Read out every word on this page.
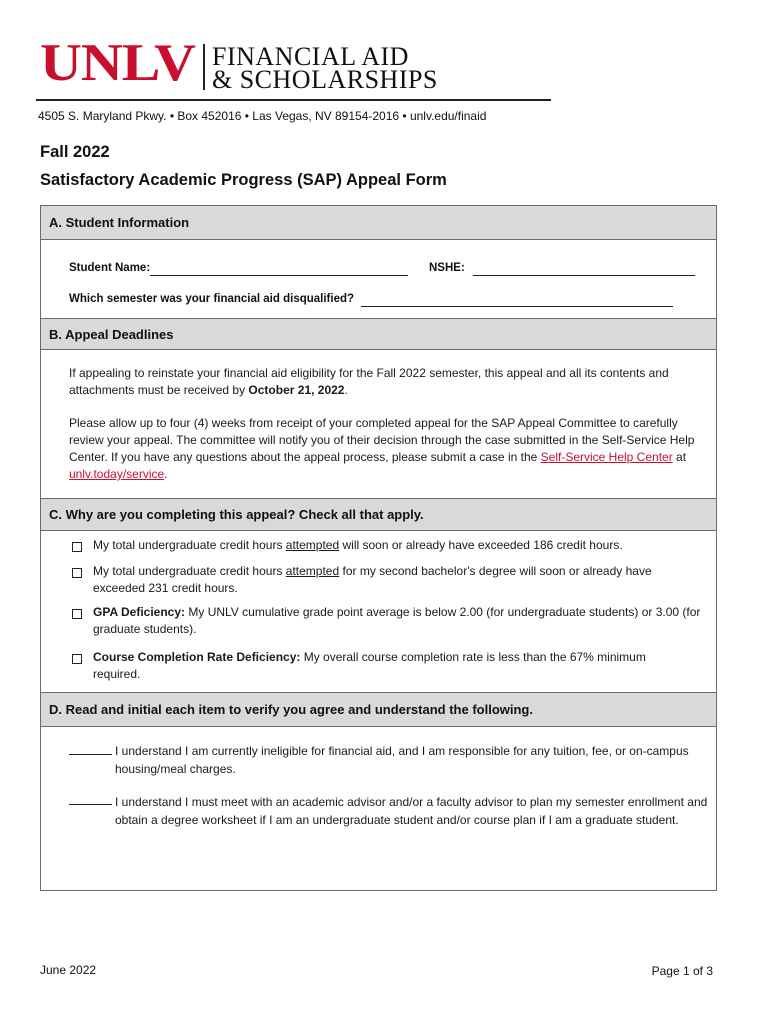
UNLV FINANCIAL AID
& SCHOLARSHIPS
4505 S. Maryland Pkwy. • Box 452016 • Las Vegas, NV 89154-2016 • unlv.edu/finaid
Fall 2022
Satisfactory Academic Progress (SAP) Appeal Form
A. Student Information
Student Name:	NSHE:
Which semester was your financial aid disqualified?
B. Appeal Deadlines
If appealing to reinstate your financial aid eligibility for the Fall 2022 semester, this appeal and all its contents and attachments must be received by October 21, 2022.
Please allow up to four (4) weeks from receipt of your completed appeal for the SAP Appeal Committee to carefully review your appeal. The committee will notify you of their decision through the case submitted in the Self-Service Help Center. If you have any questions about the appeal process, please submit a case in the Self-Service Help Center at unlv.today/service.
C. Why are you completing this appeal? Check all that apply.
My total undergraduate credit hours attempted will soon or already have exceeded 186 credit hours.
My total undergraduate credit hours attempted for my second bachelor's degree will soon or already have exceeded 231 credit hours.
GPA Deficiency: My UNLV cumulative grade point average is below 2.00 (for undergraduate students) or 3.00 (for graduate students).
Course Completion Rate Deficiency: My overall course completion rate is less than the 67% minimum required.
D. Read and initial each item to verify you agree and understand the following.
I understand I am currently ineligible for financial aid, and I am responsible for any tuition, fee, or on-campus housing/meal charges.
I understand I must meet with an academic advisor and/or a faculty advisor to plan my semester enrollment and obtain a degree worksheet if I am an undergraduate student and/or course plan if I am a graduate student.
June 2022	Page 1 of 3
